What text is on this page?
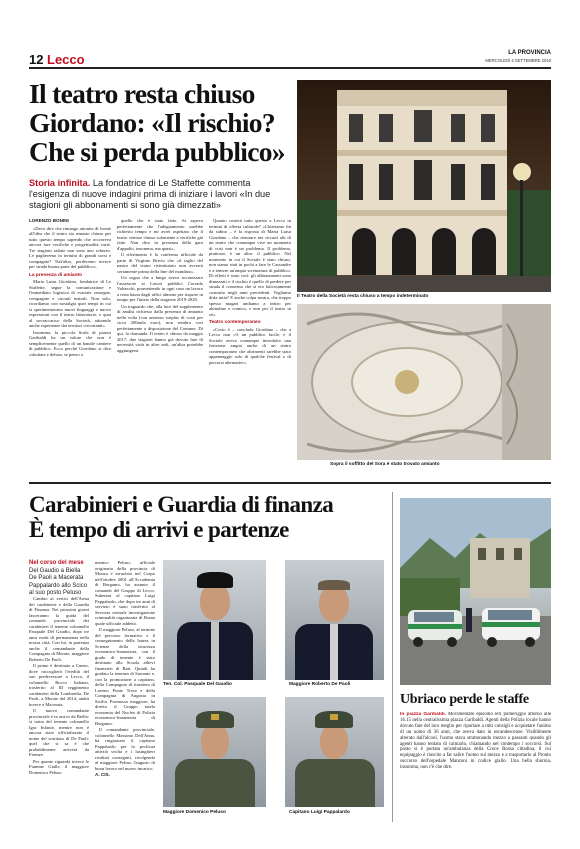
12 Lecco	LA PROVINCIA
MERCOLEDÌ 4 SETTEMBRE 2019
Il teatro resta chiuso
Giordano: «Il rischio?
Che si perda pubblico»
Storia infinita. La fondatrice di Le Staffette commenta l'esigenza di nuove indagini prima di iniziare i lavori «In due stagioni gli abbonamenti si sono già dimezzati»
LORENZO BONINI

«Devo dire che rimango attonita di fronte all'idea che il teatro sia rimasto chiuso per tutto questo tempo sapendo che occorreva ancora fare verifiche e progettualità varie. Tre stagioni saltate non sono uno scherzo. Le pagheremo in termini di grandi sorsi e compagnie? Tutt'altro, perderemo invece per strada buona parte del pubblico».

La presenza di amianto

Maria Luisa Giordano, fondatrice di Le Staffette, segue la comunicazione e l'immediato logistica di svariate rassegne, compagnie e circuiti teatrali. Non solo, ricordiamo con nostalgia quei tempi in cui si sperimentavano nuovi linguaggi e nuove espressioni con il teatro laboratorio, e quai al sovraccarico della Società, attirando anche esperienze dai territori circostanti».

Insomma, la piccola Scala di piazza Garibaldi ha un valore che non è semplicemente quello di un banale cantiere di pubblico. Ecco perché Giordano si dice «sbottata e delusa, se penso a

quello che è stato fatto. Si sapeva perfettamente che l'adeguamento sarebbe richiesto tempo e mi avrei aspettato che il teatro venisse chiuso solamente a verifiche già fatte. Non dico in presenza della gara d'appalto, insomma, ma quasi».

Il riferimento è la conferma ufficiale da parte di Virginio Brivio che «il taglio del nastro del teatro ristrutturato non avverrà certamente prima della fine del mandato».

Un sogno che a lungo aveva accarezzato l'assessore ai Lavori pubblici Corrado Valsecchi, promettendo in ogni caso un lavoro a testa bassa dagli uffici almeno per riaprire in tempo per l'inizio della stagione 2019-2020.

Un traguardo che, alla luce del supplemento di analisi richiesto dalla presenza di amianto nella volta (con annesso surplus di costi per circa 200mila euro), non sembra così perfettamente a disposizione del Comune. Di qui, la domanda. Il teatro è chiuso da maggio 2017: due stagioni hanno già dovuto fare di necessità virtù in altre sedi, un'altra potrebbe aggiungersi.

Quanto costerà tutto questo a Lecco in termini di offerta culturale? «Chiariamo fin da subito – è la risposta di Maria Luisa Giordano – che rientrare nei circuiti alti di un teatro che comunque vive un momento di crisi non è un problema. Il problema, piuttosto, è un altro: il pubblico. Nel momento in cui il Sociale è stato chiuso, non siamo stati in pochi a fare le Cassandre e a temere un'ampia scrematura di pubblico. Di effetti è stato così: gli abbonamenti sono dimezzati e il rischio è quello di perdere per strada il consenso che si era faticosamente costruito negli anni precedenti. Vogliamo dirla tutta? E anche colpa nostra, che troppo spesso magari andiamo a teatro per abitudine e comico, e non per il teatro in sé».

Teatro contemporaneo

«Certo è – conclude Giordano – che a Lecco non c'è un pubblico facile, e il Sociale aveva comunque introdotto una fruizione ampia anche di un teatro contemporaneo che altrimenti sarebbe stato appannaggio solo di qualche festival o di percorsi alternativi».

Il Teatro della Società resta chiuso a tempo indeterminato
Sopra il soffitto del Sora è stato trovato amianto
Carabinieri e Guardia di finanza
È tempo di arrivi e partenze
Nel corso del mese
Del Gaudio a Biella
De Paoli a Macerata
Pappalardo allo Scico
al suo posto Peluso

Cambio ai vertici dell'Arma dei carabinieri e della Guardia di Finanza. Nei prossimi giorni lasceranno la guida del comando provinciale dei carabinieri il tenente colonnello Pasquale Del Gaudio, dopo tre anni esatti di permanenza nella nostra città. Con lui, in partenza anche il comandante della Compagnia di Merate, maggiore Roberto De Paoli.

Il primo è destinato a Cuneo, dove raccoglierà l'eredità del suo predecessore a Lecco, il colonnello Rocco Italiano, trasferito al III reggimento carabinieri della Lombardia. De Paoli, a Merate dal 2014, andrà invece a Macerata.

Il nuovo comandante provinciale è in arrivo da Biella: si tratta del tenente colonnello Igor Infante, mentre non è ancora stato ufficializzato il nome del sostituto di De Paoli: quel che si sa è che probabilmente arriverà da Firenze.

Per quanto riguarda invece le Fiamme Gialle, il maggiore Domenico Peluso

menico Peluso, ufficiale originario della provincia di Monza e arruolato nel Corpo nell'ottobre 2001 all'Accademia di Bergamo, ha assunto il comando del Gruppo di Lecco. Subentra al capitano Luigi Pappalardo, che dopo tre anni di servizio è stato trasferito al Servizio centrale investigazione criminalità organizzata di Roma quale ufficiale addetto.

Il maggiore Peluso, al termine del percorso formativo e il conseguimento della laurea in Scienze della sicurezza economico-finanziaria, con il grado di tenente è stato destinato alla Scuola allievi finanzieri di Bari. Quindi ha guidato la tenenza di Saronno e, con la promozione a capitano, della Compagnia di frontiera di Laveno Ponte Tresa e della Compagnia di Augusta in Sicilia. Promosso maggiore, ha diretto il Gruppo tutela economia del Nucleo di Polizia economico-finanziaria di Bergamo.

Il comandante provinciale, colonnello Massimo Dell'Anna, ha ringraziato il capitano Pappalardo per la proficua attività svolta e i lusinghieri risultati conseguiti, rivolgendo al maggiore Peluso l'augurio di buon lavoro nel nuovo incarico.

A. CIS.
Ten. Col. Pasquale Del Gaudio	Maggiore Roberto De Paoli
Maggiore Domenico Peluso	Capitano Luigi Pappalardo
Ubriaco perde le staffe

In piazza Garibaldi. Movimentato episodio ieri pomeriggio attorno alle 16.15 nella centralissima piazza Garibaldi. Agenti della Polizia locale hanno dovuto fare del loro meglio per riportare a miti consigli e acquietare l'animo di un uomo di 36 anni, che aveva dato in escandescenze. Visibilmente alterato dall'alcool, l'uomo stava strattonando mezzo a passanti quando gli agenti hanno tentato di calmarlo, chiamando nel contempo i soccorsi. Sul posto si è portata un'ambulanza della Croce Rossa cittadina, il cui equipaggio è riuscito a far salire l'uomo sul mezzo e a trasportarlo al Pronto soccorso dell'ospedale Manzoni in codice giallo. Una bella sbornia, insomma, non c'è che dire.
